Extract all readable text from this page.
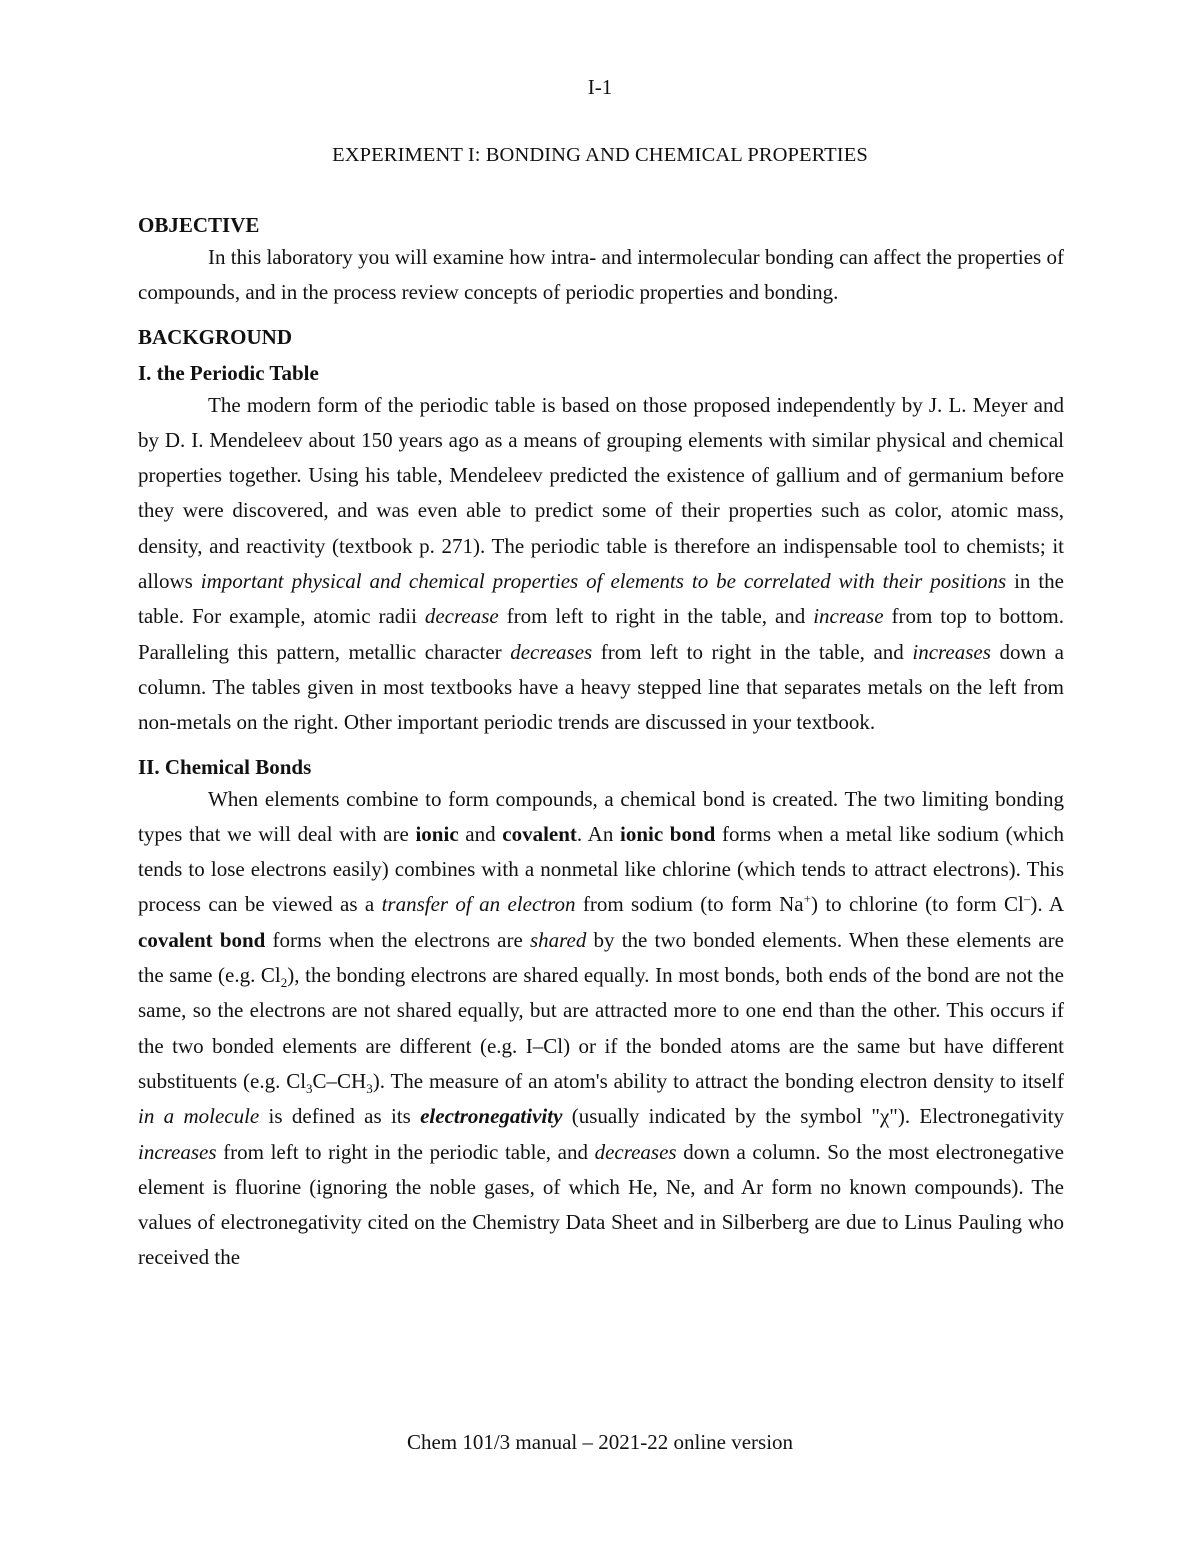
I-1
EXPERIMENT I: BONDING AND CHEMICAL PROPERTIES

OBJECTIVE

In this laboratory you will examine how intra- and intermolecular bonding can affect the properties of compounds, and in the process review concepts of periodic properties and bonding.

BACKGROUND

I. the Periodic Table

The modern form of the periodic table is based on those proposed independently by J. L. Meyer and by D. I. Mendeleev about 150 years ago as a means of grouping elements with similar physical and chemical properties together. Using his table, Mendeleev predicted the existence of gallium and of germanium before they were discovered, and was even able to predict some of their properties such as color, atomic mass, density, and reactivity (textbook p. 271). The periodic table is therefore an indispensable tool to chemists; it allows important physical and chemical properties of elements to be correlated with their positions in the table. For example, atomic radii decrease from left to right in the table, and increase from top to bottom. Paralleling this pattern, metallic character decreases from left to right in the table, and increases down a column. The tables given in most textbooks have a heavy stepped line that separates metals on the left from non-metals on the right. Other important periodic trends are discussed in your textbook.

II. Chemical Bonds

When elements combine to form compounds, a chemical bond is created. The two limiting bonding types that we will deal with are ionic and covalent. An ionic bond forms when a metal like sodium (which tends to lose electrons easily) combines with a nonmetal like chlorine (which tends to attract electrons). This process can be viewed as a transfer of an electron from sodium (to form Na+) to chlorine (to form Cl–). A covalent bond forms when the electrons are shared by the two bonded elements. When these elements are the same (e.g. $Cl_2$), the bonding electrons are shared equally. In most bonds, both ends of the bond are not the same, so the electrons are not shared equally, but are attracted more to one end than the other. This occurs if the two bonded elements are different (e.g. I–Cl) or if the bonded atoms are the same but have different substituents (e.g. $Cl_3C-CH_3$). The measure of an atom's ability to attract the bonding electron density to itself in a molecule is defined as its electronegativity (usually indicated by the symbol "χ"). Electronegativity increases from left to right in the periodic table, and decreases down a column. So the most electronegative element is fluorine (ignoring the noble gases, of which He, Ne, and Ar form no known compounds). The values of electronegativity cited on the Chemistry Data Sheet and in Silberberg are due to Linus Pauling who received the

Chem 101/3 manual – 2021-22 online version
